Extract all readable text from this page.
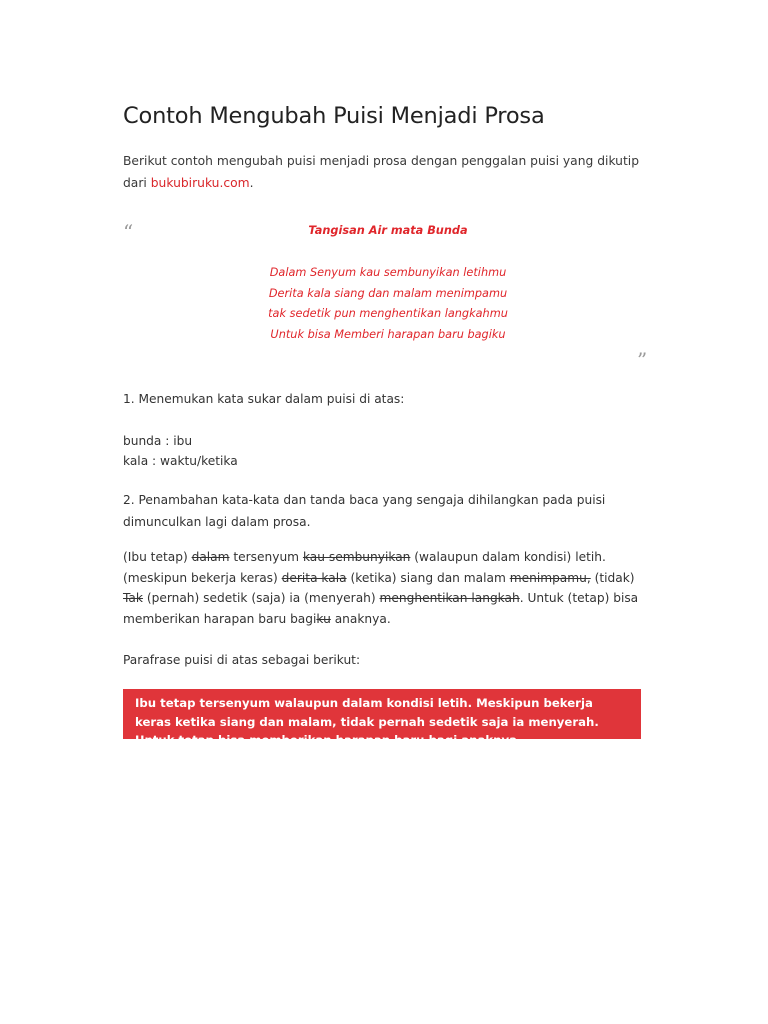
Contoh Mengubah Puisi Menjadi Prosa
Berikut contoh mengubah puisi menjadi prosa dengan penggalan puisi yang dikutip dari bukubiruku.com.
“	Tangisan Air mata Bunda
Dalam Senyum kau sembunyikan letihmu
Derita kala siang dan malam menimpamu
tak sedetik pun menghentikan langkahmu
Untuk bisa Memberi harapan baru bagiku
”
1. Menemukan kata sukar dalam puisi di atas:
bunda : ibu
kala : waktu/ketika
2. Penambahan kata-kata dan tanda baca yang sengaja dihilangkan pada puisi dimunculkan lagi dalam prosa.
(Ibu tetap) dalam tersenyum kau sembunyikan (walaupun dalam kondisi) letih. (meskipun bekerja keras) derita kala (ketika) siang dan malam menimpamu, (tidak) Tak (pernah) sedetik (saja) ia (menyerah) menghentikan langkah. Untuk (tetap) bisa memberikan harapan baru bagiku anaknya.
Parafrase puisi di atas sebagai berikut:
Ibu tetap tersenyum walaupun dalam kondisi letih. Meskipun bekerja keras ketika siang dan malam, tidak pernah sedetik saja ia menyerah. Untuk tetap bisa memberikan harapan baru bagi anaknya.
